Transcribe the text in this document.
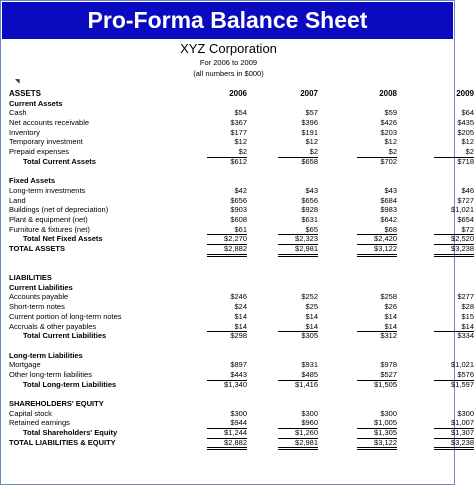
Pro-Forma Balance Sheet
XYZ Corporation
For 2006 to 2009
(all numbers in $000)
◥
ASSETS	2006	2007	2008	2009
Current Assets
Cash	$54	$57	$59	$64
Net accounts receivable	$367	$396	$426	$435
Inventory	$177	$191	$203	$205
Temporary investment	$12	$12	$12	$12
Prepaid expenses	$2	$2	$2	$2
Total Current Assets	$612	$658	$702	$718
Fixed Assets
Long-term investments	$42	$43	$43	$46
Land	$656	$656	$684	$727
Buildings (net of depreciation)	$903	$928	$983	$1,021
Plant & equipment (net)	$608	$631	$642	$654
Furniture & fixtures (net)	$61	$65	$68	$72
Total Net Fixed Assets	$2,270	$2,323	$2,420	$2,520
TOTAL ASSETS	$2,882	$2,981	$3,122	$3,238
LIABILITIES
Current Liabilities
Accounts payable	$246	$252	$258	$277
Short-term notes	$24	$25	$26	$28
Current portion of long-term notes	$14	$14	$14	$15
Accruals & other payables	$14	$14	$14	$14
Total Current Liabilities	$298	$305	$312	$334
Long-term Liabilities
Mortgage	$897	$931	$978	$1,021
Other long-term liabilities	$443	$485	$527	$576
Total Long-term Liabilities	$1,340	$1,416	$1,505	$1,597
SHAREHOLDERS' EQUITY
Capital stock	$300	$300	$300	$300
Retained earnings	$944	$960	$1,005	$1,007
Total Shareholders' Equity	$1,244	$1,260	$1,305	$1,307
TOTAL LIABILITIES & EQUITY	$2,882	$2,981	$3,122	$3,238
